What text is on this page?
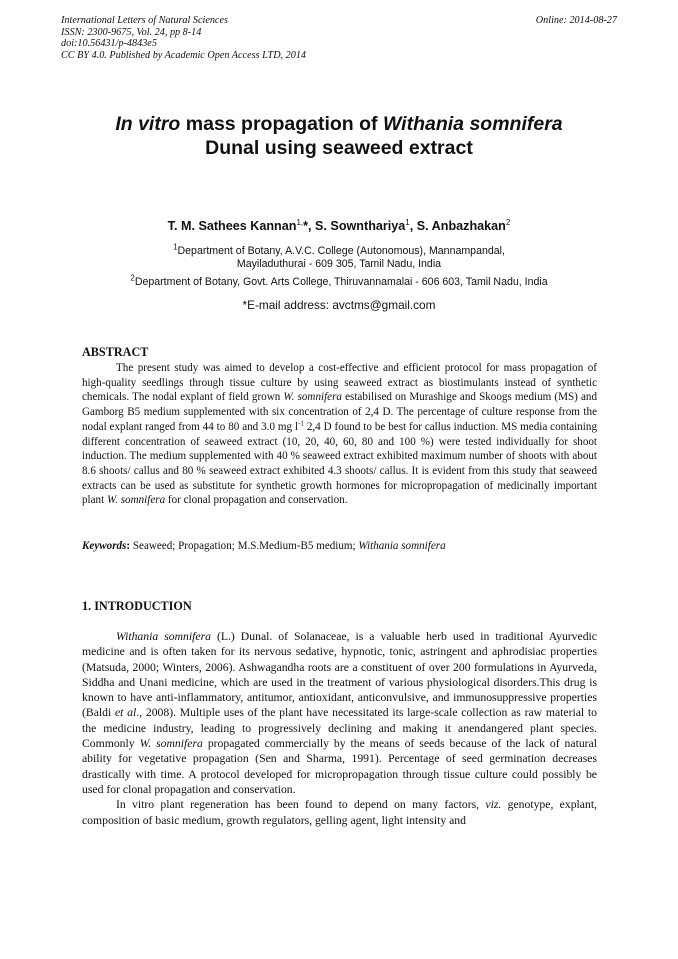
International Letters of Natural Sciences
ISSN: 2300-9675, Vol. 24, pp 8-14
doi:10.56431/p-4843e5
CC BY 4.0. Published by Academic Open Access LTD, 2014
Online: 2014-08-27
In vitro mass propagation of Withania somnifera
Dunal using seaweed extract
T. M. Sathees Kannan$^{1,}$*, S. Sownthariya$^1$, S. Anbazhakan$^2$
$^1$Department of Botany, A.V.C. College (Autonomous), Mannampandal,
Mayiladuthurai - 609 305, Tamil Nadu, India
$^2$Department of Botany, Govt. Arts College, Thiruvannamalai - 606 603, Tamil Nadu, India
*E-mail address: avctms@gmail.com
ABSTRACT

The present study was aimed to develop a cost-effective and efficient protocol for mass propagation of high-quality seedlings through tissue culture by using seaweed extract as biostimulants instead of synthetic chemicals. The nodal explant of field grown W. somnifera estabilised on Murashige and Skoogs medium (MS) and Gamborg B5 medium supplemented with six concentration of 2,4 D. The percentage of culture response from the nodal explant ranged from 44 to 80 and 3.0 mg $l^{-1}$ 2,4 D found to be best for callus induction. MS media containing different concentration of seaweed extract (10, 20, 40, 60, 80 and 100 %) were tested individually for shoot induction. The medium supplemented with 40 % seaweed extract exhibited maximum number of shoots with about 8.6 shoots/ callus and 80 % seaweed extract exhibited 4.3 shoots/ callus. It is evident from this study that seaweed extracts can be used as substitute for synthetic growth hormones for micropropagation of medicinally important plant W. somnifera for clonal propagation and conservation.

Keywords: Seaweed; Propagation; M.S.Medium-B5 medium; Withania somnifera
1. INTRODUCTION

Withania somnifera (L.) Dunal. of Solanaceae, is a valuable herb used in traditional Ayurvedic medicine and is often taken for its nervous sedative, hypnotic, tonic, astringent and aphrodisiac properties (Matsuda, 2000; Winters, 2006). Ashwagandha roots are a constituent of over 200 formulations in Ayurveda, Siddha and Unani medicine, which are used in the treatment of various physiological disorders.This drug is known to have anti-inflammatory, antitumor, antioxidant, anticonvulsive, and immunosuppressive properties (Baldi et al., 2008). Multiple uses of the plant have necessitated its large-scale collection as raw material to the medicine industry, leading to progressively declining and making it anendangered plant species. Commonly W. somnifera propagated commercially by the means of seeds because of the lack of natural ability for vegetative propagation (Sen and Sharma, 1991). Percentage of seed germination decreases drastically with time. A protocol developed for micropropagation through tissue culture could possibly be used for clonal propagation and conservation.

In vitro plant regeneration has been found to depend on many factors, viz. genotype, explant, composition of basic medium, growth regulators, gelling agent, light intensity and
